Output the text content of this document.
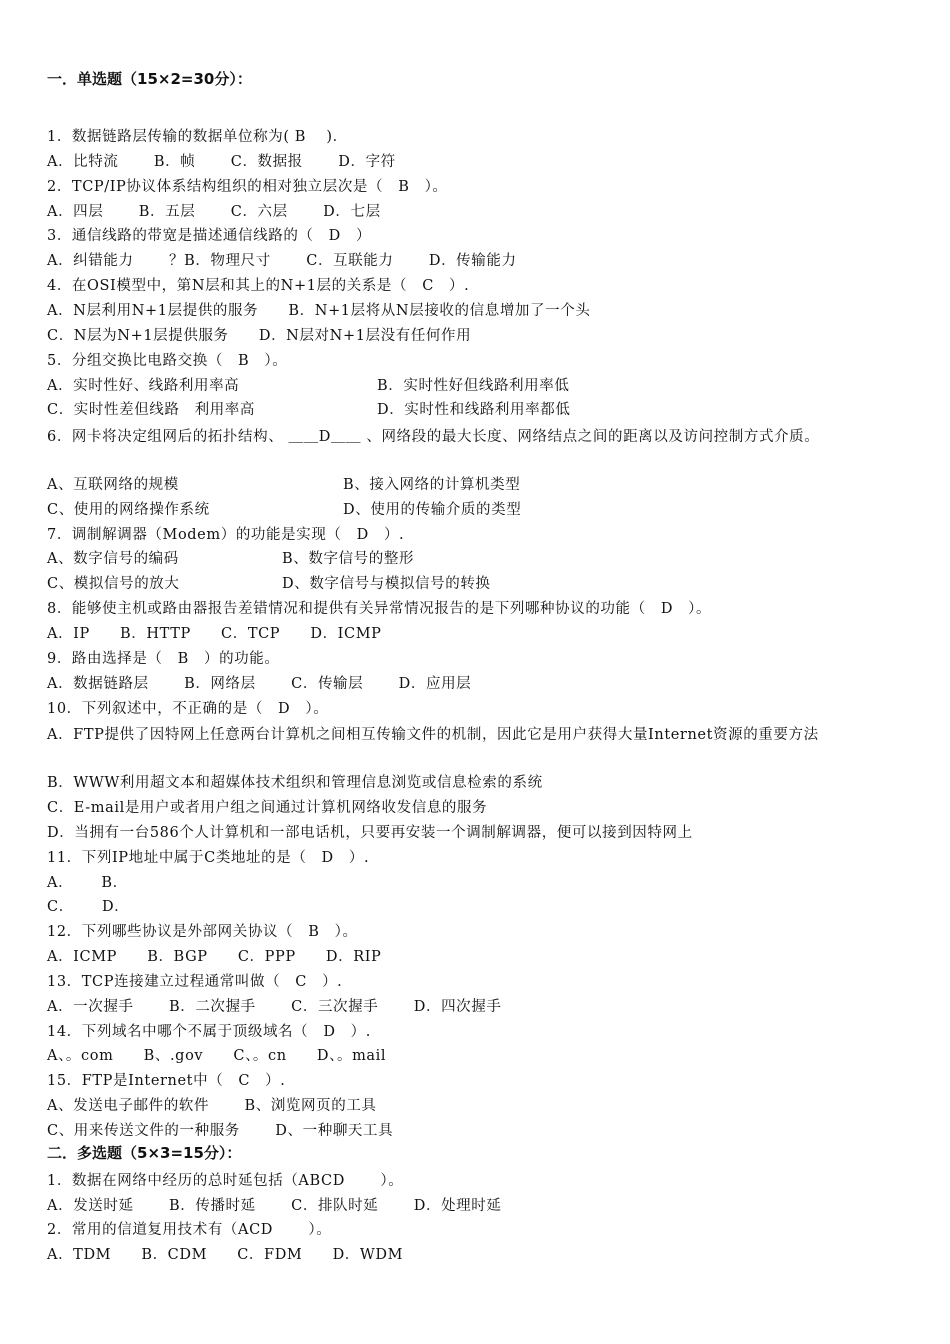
一．单选题（15×2=30分）：
1．数据链路层传输的数据单位称为( B　 )．
A．比特流　　 B．帧　　 C．数据报　　 D．字符
2．TCP/IP协议体系结构组织的相对独立层次是（　B　）。
A．四层　　 B．五层　　 C．六层　　 D．七层
3．通信线路的带宽是描述通信线路的（　D　）
A．纠错能力　　 ？B．物理尺寸　　 C．互联能力　　 D．传输能力
4．在OSI模型中，第N层和其上的N+1层的关系是（　C　）.
A．N层利用N+1层提供的服务　　B．N+1层将从N层接收的信息增加了一个头
C．N层为N+1层提供服务　　D．N层对N+1层没有任何作用
5．分组交换比电路交换（　B　）。
A．实时性好、线路利用率高	B．实时性好但线路利用率低
C．实时性差但线路　利用率高	D．实时性和线路利用率都低
6．网卡将决定组网后的拓扑结构、 ＿＿D＿＿ 、网络段的最大长度、网络结点之间的距离以及访问控制方式介质。
A、互联网络的规模	B、接入网络的计算机类型
C、使用的网络操作系统	D、使用的传输介质的类型
7．调制解调器（Modem）的功能是实现（　D　）.
A、数字信号的编码	B、数字信号的整形
C、模拟信号的放大	D、数字信号与模拟信号的转换
8．能够使主机或路由器报告差错情况和提供有关异常情况报告的是下列哪种协议的功能（　D　）。
A．IP　　B．HTTP　　C．TCP　　D．ICMP
9．路由选择是（　B　）的功能。
A．数据链路层　　 B．网络层　　 C．传输层　　 D．应用层
10．下列叙述中，不正确的是（　D　）。
A．FTP提供了因特网上任意两台计算机之间相互传输文件的机制，因此它是用户获得大量Internet资源的重要方法
B．WWW利用超文本和超媒体技术组织和管理信息浏览或信息检索的系统
C．E-mail是用户或者用户组之间通过计算机网络收发信息的服务
D．当拥有一台586个人计算机和一部电话机，只要再安装一个调制解调器，便可以接到因特网上
11．下列IP地址中属于C类地址的是（　D　）.
A．　　 B．
C．　　 D．
12．下列哪些协议是外部网关协议（　B　）。
A．ICMP　　B．BGP　　C．PPP　　D．RIP
13．TCP连接建立过程通常叫做（　C　）.
A．一次握手　　 B．二次握手　　 C．三次握手　　 D．四次握手
14．下列域名中哪个不属于顶级域名（　D　）.
A、。com　　B、.gov　　C、。cn　　D、。mail
15．FTP是Internet中（　C　）.
A、发送电子邮件的软件　　 B、浏览网页的工具
C、用来传送文件的一种服务　　 D、一种聊天工具
二．多选题（5×3=15分）：
1．数据在网络中经历的总时延包括（ABCD　　 ）。
A．发送时延　　 B．传播时延　　 C．排队时延　　 D．处理时延
2．常用的信道复用技术有（ACD　　 ）。
A．TDM　　B．CDM　　C．FDM　　D．WDM
